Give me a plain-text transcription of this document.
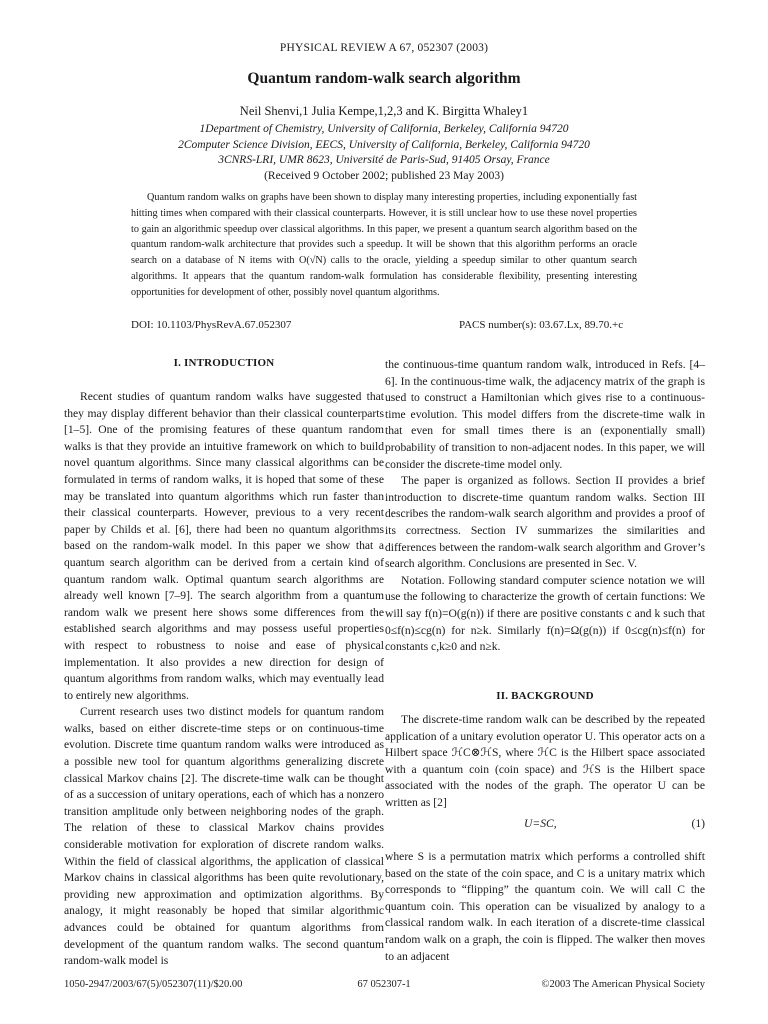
PHYSICAL REVIEW A 67, 052307 (2003)
Quantum random-walk search algorithm
Neil Shenvi,1 Julia Kempe,1,2,3 and K. Birgitta Whaley1
1Department of Chemistry, University of California, Berkeley, California 94720
2Computer Science Division, EECS, University of California, Berkeley, California 94720
3CNRS-LRI, UMR 8623, Université de Paris-Sud, 91405 Orsay, France
(Received 9 October 2002; published 23 May 2003)
Quantum random walks on graphs have been shown to display many interesting properties, including exponentially fast hitting times when compared with their classical counterparts. However, it is still unclear how to use these novel properties to gain an algorithmic speedup over classical algorithms. In this paper, we present a quantum search algorithm based on the quantum random-walk architecture that provides such a speedup. It will be shown that this algorithm performs an oracle search on a database of N items with O(√N) calls to the oracle, yielding a speedup similar to other quantum search algorithms. It appears that the quantum random-walk formulation has considerable flexibility, presenting interesting opportunities for development of other, possibly novel quantum algorithms.
DOI: 10.1103/PhysRevA.67.052307	PACS number(s): 03.67.Lx, 89.70.+c
I. INTRODUCTION

Recent studies of quantum random walks have suggested that they may display different behavior than their classical counterparts [1–5]. One of the promising features of these quantum random walks is that they provide an intuitive framework on which to build novel quantum algorithms. Since many classical algorithms can be formulated in terms of random walks, it is hoped that some of these may be translated into quantum algorithms which run faster than their classical counterparts. However, previous to a very recent paper by Childs et al. [6], there had been no quantum algorithms based on the random-walk model. In this paper we show that a quantum search algorithm can be derived from a certain kind of quantum random walk. Optimal quantum search algorithms are already well known [7–9]. The search algorithm from a quantum random walk we present here shows some differences from the established search algorithms and may possess useful properties with respect to robustness to noise and ease of physical implementation. It also provides a new direction for design of quantum algorithms from random walks, which may eventually lead to entirely new algorithms.

Current research uses two distinct models for quantum random walks, based on either discrete-time steps or on continuous-time evolution. Discrete time quantum random walks were introduced as a possible new tool for quantum algorithms generalizing discrete classical Markov chains [2]. The discrete-time walk can be thought of as a succession of unitary operations, each of which has a nonzero transition amplitude only between neighboring nodes of the graph. The relation of these to classical Markov chains provides considerable motivation for exploration of discrete random walks. Within the field of classical algorithms, the application of classical Markov chains in classical algorithms has been quite revolutionary, providing new approximation and optimization algorithms. By analogy, it might reasonably be hoped that similar algorithmic advances could be obtained for quantum algorithms from development of the quantum random walks. The second quantum random-walk model is

the continuous-time quantum random walk, introduced in Refs. [4–6]. In the continuous-time walk, the adjacency matrix of the graph is used to construct a Hamiltonian which gives rise to a continuous-time evolution. This model differs from the discrete-time walk in that even for small times there is an (exponentially small) probability of transition to non-adjacent nodes. In this paper, we will consider the discrete-time model only.

The paper is organized as follows. Section II provides a brief introduction to discrete-time quantum random walks. Section III describes the random-walk search algorithm and provides a proof of its correctness. Section IV summarizes the similarities and differences between the random-walk search algorithm and Grover’s search algorithm. Conclusions are presented in Sec. V.

Notation. Following standard computer science notation we will use the following to characterize the growth of certain functions: We will say f(n)=O(g(n)) if there are positive constants c and k such that 0≤f(n)≤cg(n) for n≥k. Similarly f(n)=Ω(g(n)) if 0≤cg(n)≤f(n) for constants c,k≥0 and n≥k.

II. BACKGROUND

The discrete-time random walk can be described by the repeated application of a unitary evolution operator U. This operator acts on a Hilbert space ℋC⊗ℋS, where ℋC is the Hilbert space associated with a quantum coin (coin space) and ℋS is the Hilbert space associated with the nodes of the graph. The operator U can be written as [2]

U=SC,	(1)

where S is a permutation matrix which performs a controlled shift based on the state of the coin space, and C is a unitary matrix which corresponds to “flipping” the quantum coin. We will call C the quantum coin. This operation can be visualized by analogy to a classical random walk. In each iteration of a discrete-time classical random walk on a graph, the coin is flipped. The walker then moves to an adjacent

1050-2947/2003/67(5)/052307(11)/$20.00	67 052307-1	©2003 The American Physical Society
